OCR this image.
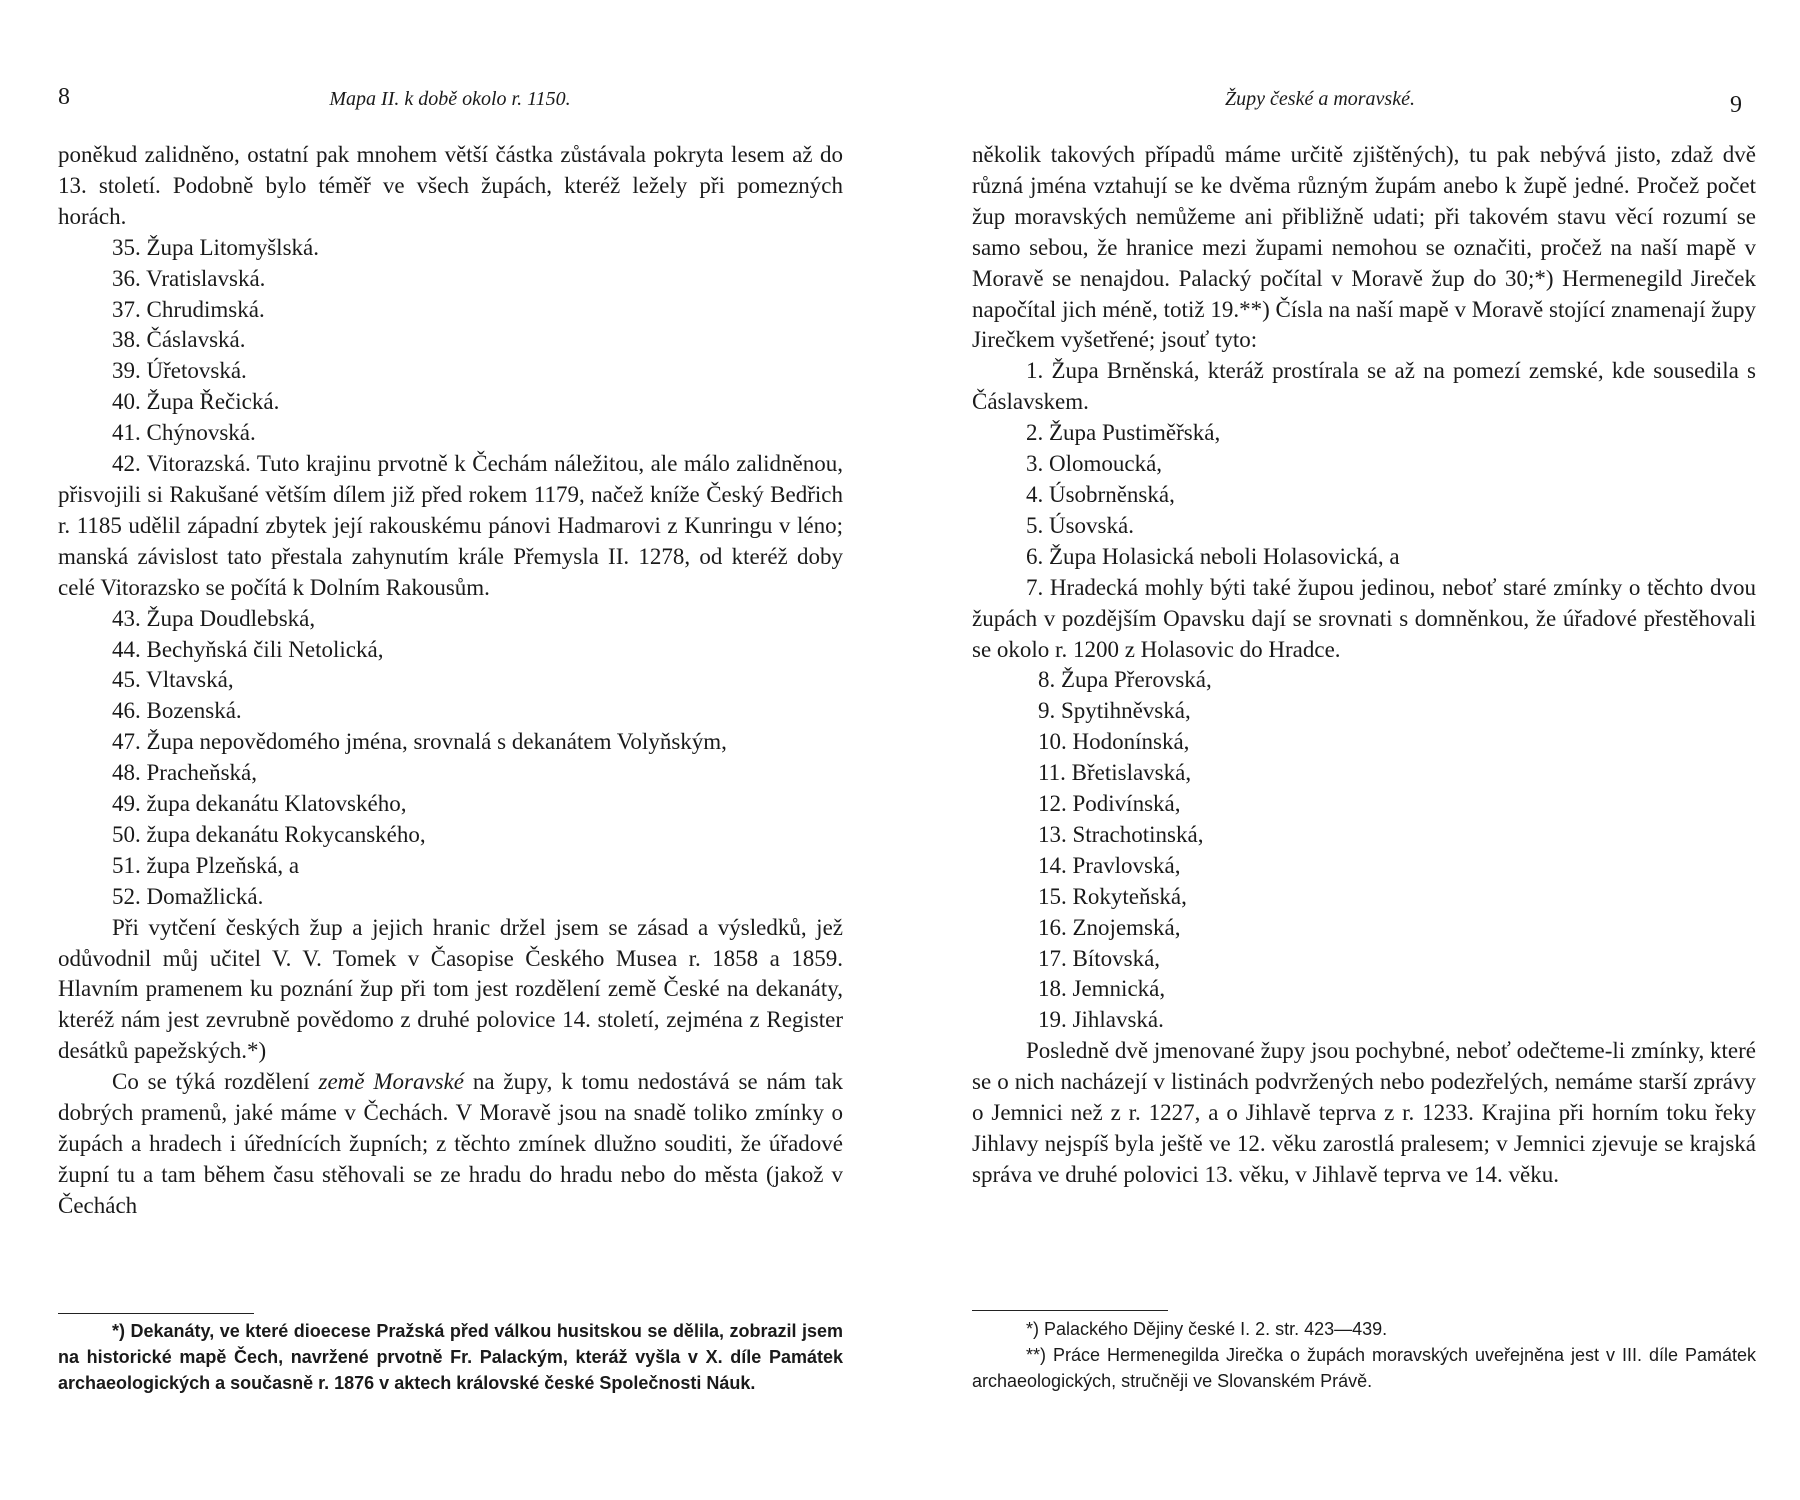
8	Mapa II. k době okolo r. 1150.

poněkud zalidněno, ostatní pak mnohem větší částka zůstávala pokryta lesem až do 13. století. Podobně bylo téměř ve všech župách, kteréž ležely při pomezných horách.

35. Župa Litomyšlská.

36. Vratislavská.

37. Chrudimská.

38. Čáslavská.

39. Úřetovská.

40. Župa Řečická.

41. Chýnovská.

42. Vitorazská. Tuto krajinu prvotně k Čechám náležitou, ale málo zalidněnou, přisvojili si Rakušané větším dílem již před rokem 1179, načež kníže Český Bedřich r. 1185 udělil západní zbytek její rakouskému pánovi Hadmarovi z Kunringu v léno; manská závislost tato přestala zahynutím krále Přemysla II. 1278, od kteréž doby celé Vitorazsko se počítá k Dolním Rakousům.

43. Župa Doudlebská,

44. Bechyňská čili Netolická,

45. Vltavská,

46. Bozenská.

47. Župa nepovědomého jména, srovnalá s dekanátem Volyňským,

48. Pracheňská,

49. župa dekanátu Klatovského,

50. župa dekanátu Rokycanského,

51. župa Plzeňská, a

52. Domažlická.

Při vytčení českých žup a jejich hranic držel jsem se zásad a výsledků, jež odůvodnil můj učitel V. V. Tomek v Časopise Českého Musea r. 1858 a 1859. Hlavním pramenem ku poznání žup při tom jest rozdělení země České na dekanáty, kteréž nám jest zevrubně povědomo z druhé polovice 14. století, zejména z Register desátků papežských.*)

Co se týká rozdělení země Moravské na župy, k tomu nedostává se nám tak dobrých pramenů, jaké máme v Čechách. V Moravě jsou na snadě toliko zmínky o župách a hradech i úřednících župních; z těchto zmínek dlužno souditi, že úřadové župní tu a tam během času stěhovali se ze hradu do hradu nebo do města (jakož v Čechách

*) Dekanáty, ve které dioecese Pražská před válkou husitskou se dělila, zobrazil jsem na historické mapě Čech, navržené prvotně Fr. Palackým, kteráž vyšla v X. díle Památek archaeologických a současně r. 1876 v aktech královské české Společnosti Náuk.

9
Župy české a moravské.

několik takových případů máme určitě zjištěných), tu pak nebývá jisto, zdaž dvě různá jména vztahují se ke dvěma různým župám anebo k župě jedné. Pročež počet žup moravských nemůžeme ani přibližně udati; při takovém stavu věcí rozumí se samo sebou, že hranice mezi župami nemohou se označiti, pročež na naší mapě v Moravě se nenajdou. Palacký počítal v Moravě žup do 30;*) Hermenegild Jireček napočítal jich méně, totiž 19.**) Čísla na naší mapě v Moravě stojící znamenají župy Jirečkem vyšetřené; jsouť tyto:

1. Župa Brněnská, kteráž prostírala se až na pomezí zemské, kde sousedila s Čáslavskem.

2. Župa Pustiměřská,

3. Olomoucká,

4. Úsobrněnská,

5. Úsovská.

6. Župa Holasická neboli Holasovická, a

7. Hradecká mohly býti také župou jedinou, neboť staré zmínky o těchto dvou župách v pozdějším Opavsku dají se srovnati s domněnkou, že úřadové přestěhovali se okolo r. 1200 z Holasovic do Hradce.

8. Župa Přerovská,

9. Spytihněvská,

10. Hodonínská,

11. Břetislavská,

12. Podivínská,

13. Strachotinská,

14. Pravlovská,

15. Rokyteňská,

16. Znojemská,

17. Bítovská,

18. Jemnická,

19. Jihlavská.

Posledně dvě jmenované župy jsou pochybné, neboť odečteme-li zmínky, které se o nich nacházejí v listinách podvržených nebo podezřelých, nemáme starší zprávy o Jemnici než z r. 1227, a o Jihlavě teprva z r. 1233. Krajina při horním toku řeky Jihlavy nejspíš byla ještě ve 12. věku zarostlá pralesem; v Jemnici zjevuje se krajská správa ve druhé polovici 13. věku, v Jihlavě teprva ve 14. věku.

*) Palackého Dějiny české I. 2. str. 423—439.

**) Práce Hermenegilda Jirečka o župách moravských uveřejněna jest v III. díle Památek archaeologických, stručněji ve Slovanském Právě.
